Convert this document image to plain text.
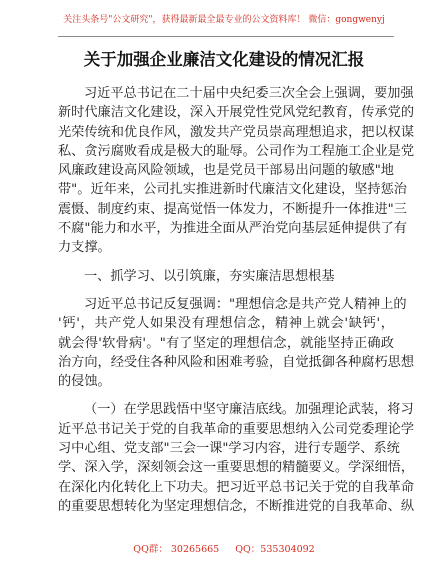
关注头条号"公文研究"，获得最新最全最专业的公文资料库！ 微信：gongwenyj
关于加强企业廉洁文化建设的情况汇报
习近平总书记在二十届中央纪委三次全会上强调，要加强
新时代廉洁文化建设，深入开展党性党风党纪教育，传承党的
光荣传统和优良作风，激发共产党员崇高理想追求，把以权谋
私、贪污腐败看成是极大的耻辱。公司作为工程施工企业是党
风廉政建设高风险领域，也是党员干部易出问题的敏感"地
带"。近年来，公司扎实推进新时代廉洁文化建设，坚持惩治
震慑、制度约束、提高觉悟一体发力，不断提升一体推进"三
不腐"能力和水平，为推进全面从严治党向基层延伸提供了有
力支撑。
一、抓学习、以引筑廉，夯实廉洁思想根基
习近平总书记反复强调："理想信念是共产党人精神上的
'钙'，共产党人如果没有理想信念，精神上就会'缺钙'，
就会得'软骨病'。"有了坚定的理想信念，就能坚持正确政
治方向，经受住各种风险和困难考验，自觉抵御各种腐朽思想
的侵蚀。
（一）在学思践悟中坚守廉洁底线。加强理论武装，将习
近平总书记关于党的自我革命的重要思想纳入公司党委理论学
习中心组、党支部"三会一课"学习内容，进行专题学、系统
学、深入学，深刻领会这一重要思想的精髓要义。学深细悟，
在深化内化转化上下功夫。把习近平总书记关于党的自我革命
的重要思想转化为坚定理想信念，不断推进党的自我革命、纵
QQ群： 30265665 QQ：535304092
